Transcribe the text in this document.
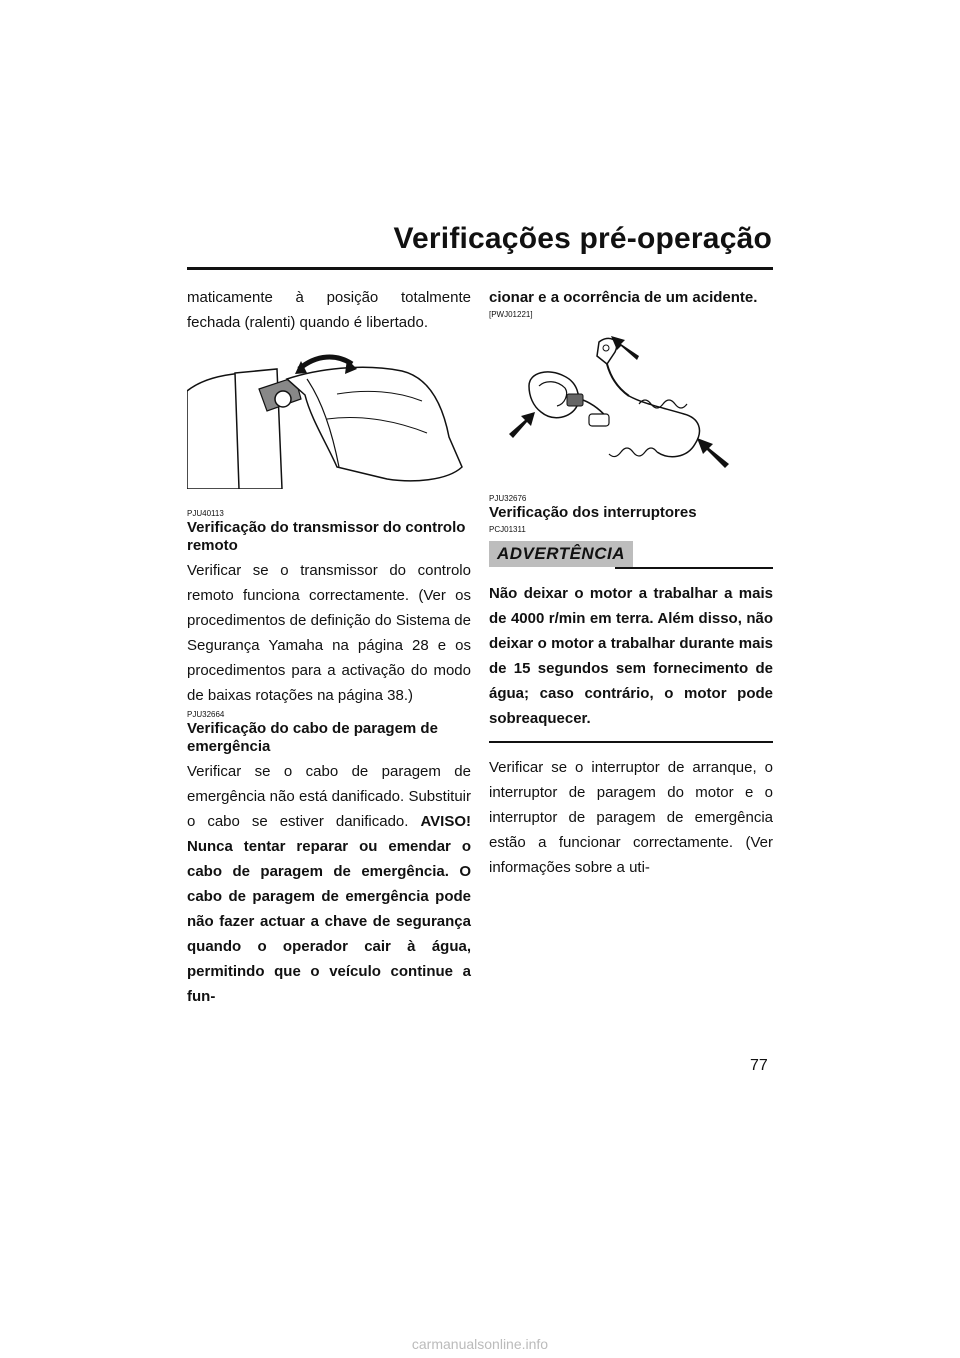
Verificações pré-operação

maticamente à posição totalmente fechada (ralenti) quando é libertado.

PJU40113

Verificação do transmissor do controlo remoto

Verificar se o transmissor do controlo remoto funciona correctamente. (Ver os procedimentos de definição do Sistema de Segurança Yamaha na página 28 e os procedimentos para a activação do modo de baixas rotações na página 38.)

PJU32664

Verificação do cabo de paragem de emergência

Verificar se o cabo de paragem de emergência não está danificado. Substituir o cabo se estiver danificado. AVISO! Nunca tentar reparar ou emendar o cabo de paragem de emergência. O cabo de paragem de emergência pode não fazer actuar a chave de segurança quando o operador cair à água, permitindo que o veículo continue a fun-

cionar e a ocorrência de um acidente.

[PWJ01221]

PJU32676

Verificação dos interruptores

PCJ01311

ADVERTÊNCIA

Não deixar o motor a trabalhar a mais de 4000 r/min em terra. Além disso, não deixar o motor a trabalhar durante mais de 15 segundos sem fornecimento de água; caso contrário, o motor pode sobreaquecer.

Verificar se o interruptor de arranque, o interruptor de paragem do motor e o interruptor de paragem de emergência estão a funcionar correctamente. (Ver informações sobre a uti-

77
carmanualsonline.info
